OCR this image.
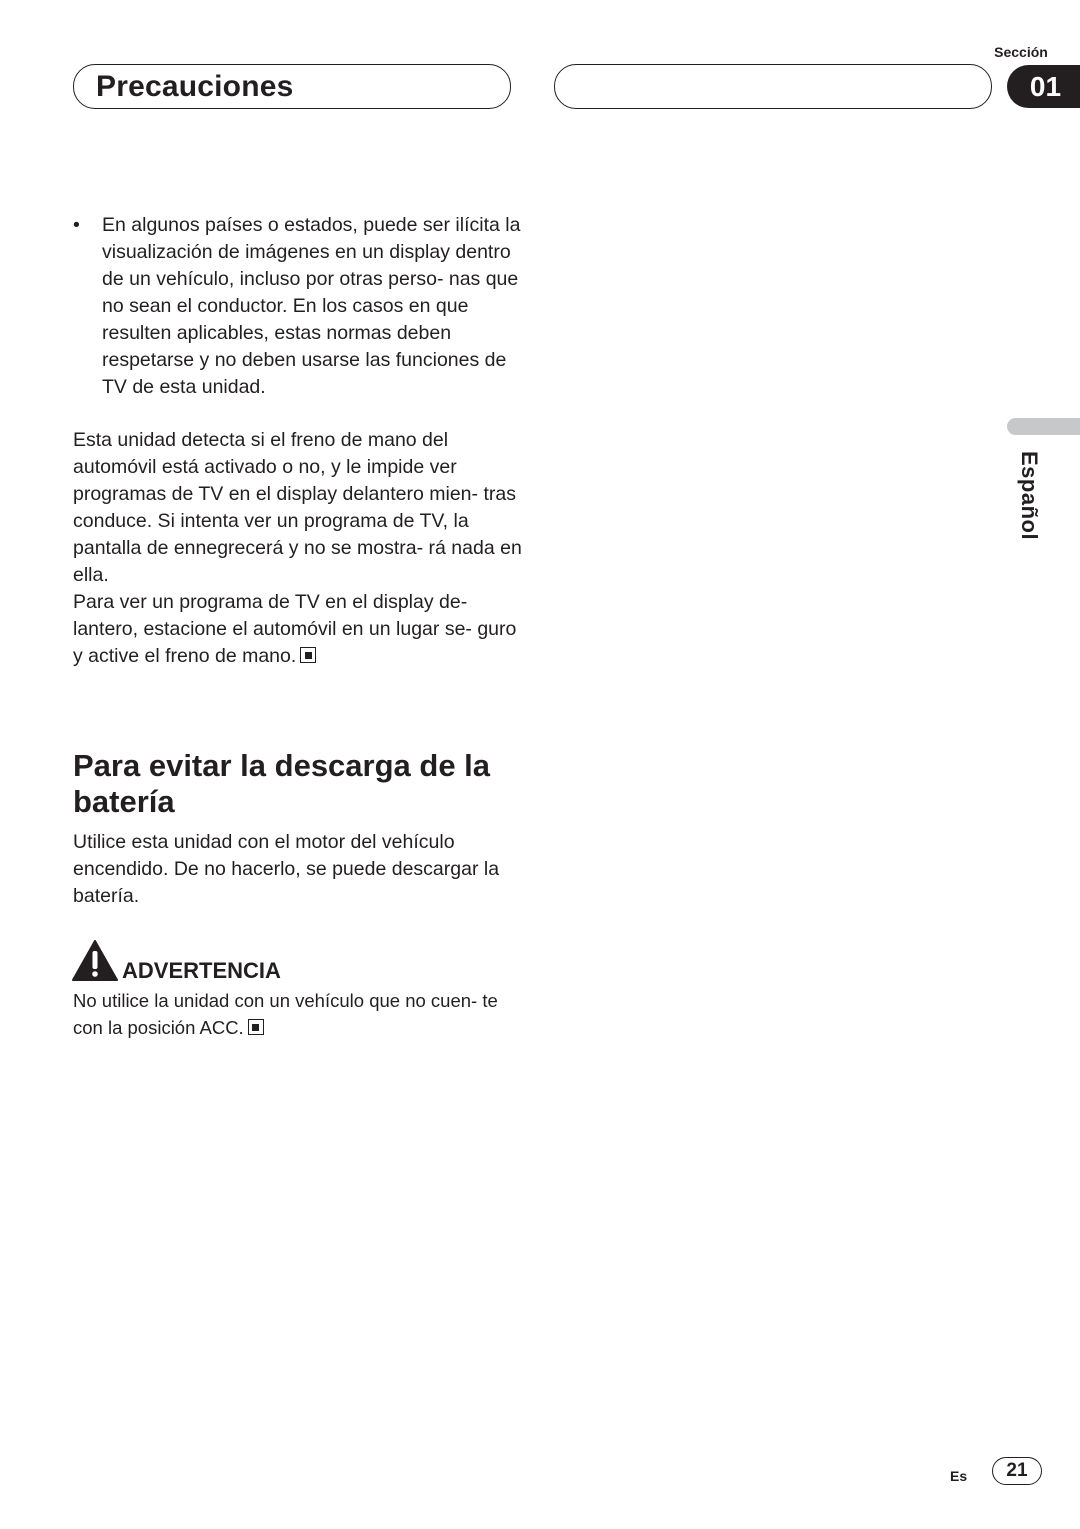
Precauciones
Sección
01
Español
• En algunos países o estados, puede ser ilícita la visualización de imágenes en un display dentro de un vehículo, incluso por otras perso- nas que no sean el conductor. En los casos en que resulten aplicables, estas normas deben respetarse y no deben usarse las funciones de TV de esta unidad.

Esta unidad detecta si el freno de mano del automóvil está activado o no, y le impide ver programas de TV en el display delantero mien- tras conduce. Si intenta ver un programa de TV, la pantalla de ennegrecerá y no se mostra- rá nada en ella.

Para ver un programa de TV en el display de- lantero, estacione el automóvil en un lugar se- guro y active el freno de mano.

Para evitar la descarga de la batería

Utilice esta unidad con el motor del vehículo encendido. De no hacerlo, se puede descargar la batería.

ADVERTENCIA

No utilice la unidad con un vehículo que no cuen- te con la posición ACC.

Es	21
